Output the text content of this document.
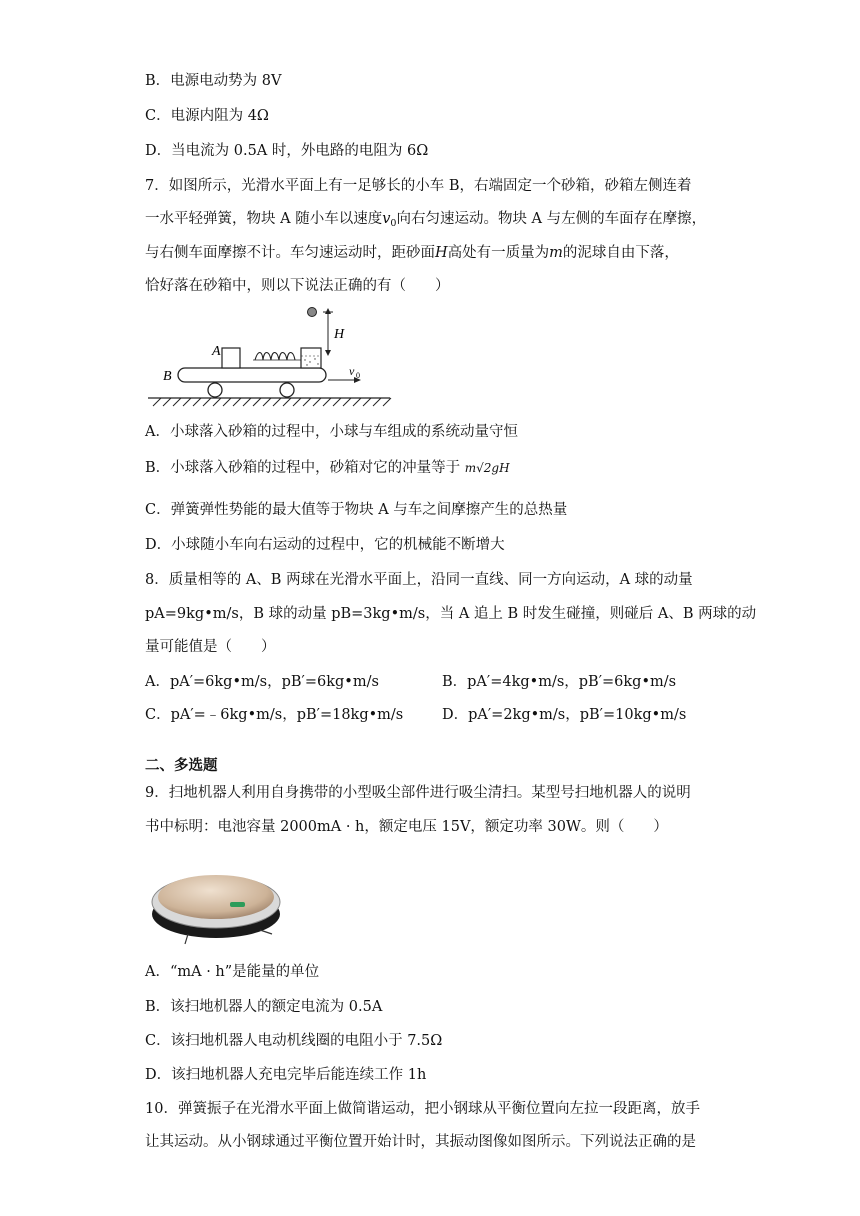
B．电源电动势为 8V
C．电源内阻为 4Ω
D．当电流为 0.5A 时，外电路的电阻为 6Ω
7．如图所示，光滑水平面上有一足够长的小车 B，右端固定一个砂箱，砂箱左侧连着
一水平轻弹簧，物块 A 随小车以速度$v_0$向右匀速运动。物块 A 与左侧的车面存在摩擦，
与右侧车面摩擦不计。车匀速运动时，距砂面H高处有一质量为m的泥球自由下落，
恰好落在砂箱中，则以下说法正确的有（　　）
A
B
H
v 0
A．小球落入砂箱的过程中，小球与车组成的系统动量守恒
B．小球落入砂箱的过程中，砂箱对它的冲量等于 m√2gH
C．弹簧弹性势能的最大值等于物块 A 与车之间摩擦产生的总热量
D．小球随小车向右运动的过程中，它的机械能不断增大
8．质量相等的 A、B 两球在光滑水平面上，沿同一直线、同一方向运动，A 球的动量
pA=9kg•m/s，B 球的动量 pB=3kg•m/s，当 A 追上 B 时发生碰撞，则碰后 A、B 两球的动
量可能值是（　　）
A．pA′=6kg•m/s，pB′=6kg•m/s	B．pA′=4kg•m/s，pB′=6kg•m/s
C．pA′=﹣6kg•m/s，pB′=18kg•m/s	D．pA′=2kg•m/s，pB′=10kg•m/s
二、多选题
9．扫地机器人利用自身携带的小型吸尘部件进行吸尘清扫。某型号扫地机器人的说明
书中标明：电池容量 2000mA · h，额定电压 15V，额定功率 30W。则（　　）
A．“mA · h”是能量的单位
B．该扫地机器人的额定电流为 0.5A
C．该扫地机器人电动机线圈的电阻小于 7.5Ω
D．该扫地机器人充电完毕后能连续工作 1h
10．弹簧振子在光滑水平面上做简谐运动，把小钢球从平衡位置向左拉一段距离，放手
让其运动。从小钢球通过平衡位置开始计时，其振动图像如图所示。下列说法正确的是
